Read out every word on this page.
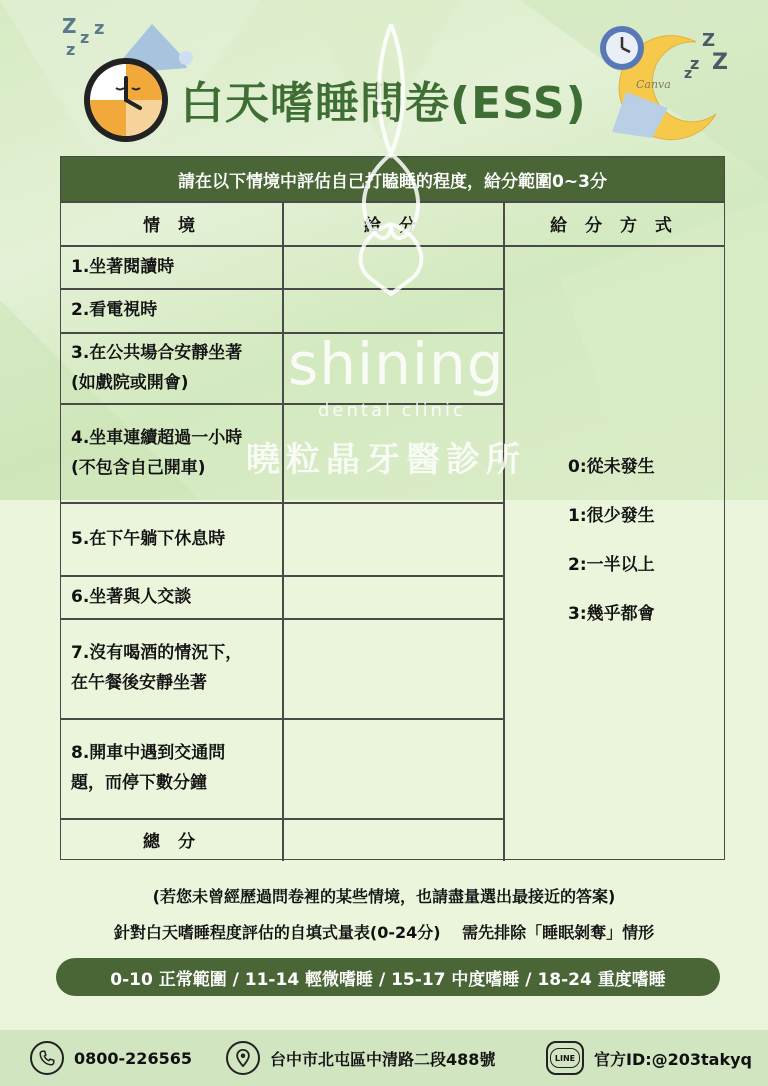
Z z z
z
白天嗜睡問卷(ESS)	Canva
Z
Z
z
z
請在以下情境中評估自己打瞌睡的程度，給分範圍0~3分
情 境	給 分	給 分 方 式
1.坐著閱讀時
2.看電視時
3.在公共場合安靜坐著
(如戲院或開會)
4.坐車連續超過一小時
(不包含自己開車)
5.在下午躺下休息時
6.坐著與人交談
7.沒有喝酒的情況下，
在午餐後安靜坐著
8.開車中遇到交通問
題，而停下數分鐘
總 分
0:從未發生
1:很少發生
2:一半以上
3:幾乎都會
shining
dental clinic
曉粒晶牙醫診所
(若您未曾經歷過問卷裡的某些情境，也請盡量選出最接近的答案)
針對白天嗜睡程度評估的自填式量表(0-24分)　 需先排除「睡眠剝奪」情形
0-10 正常範圍 / 11-14 輕微嗜睡 / 15-17 中度嗜睡 / 18-24 重度嗜睡
0800-226565	台中市北屯區中清路二段488號	LINE	官方ID:@203takyq
